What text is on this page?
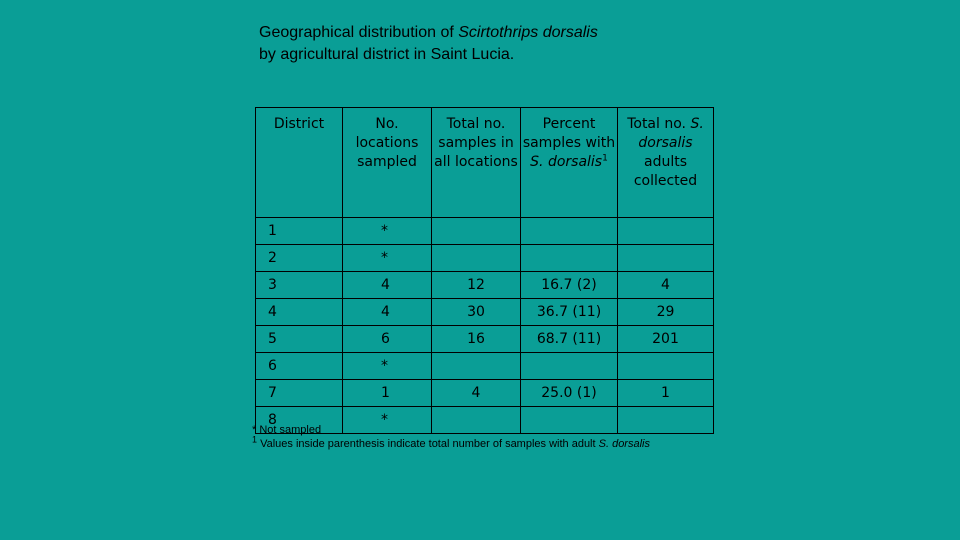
Geographical distribution of Scirtothrips dorsalis
by agricultural district in Saint Lucia.
District	No. locations sampled	Total no. samples in all locations	Percent samples with S. dorsalis$^1$	Total no. S. dorsalis adults collected
1	*			
2	*			
3	4	12	16.7 (2)	4
4	4	30	36.7 (11)	29
5	6	16	68.7 (11)	201
6	*			
7	1	4	25.0 (1)	1
8	*			
* Not sampled
$^1$ Values inside parenthesis indicate total number of samples with adult S. dorsalis
